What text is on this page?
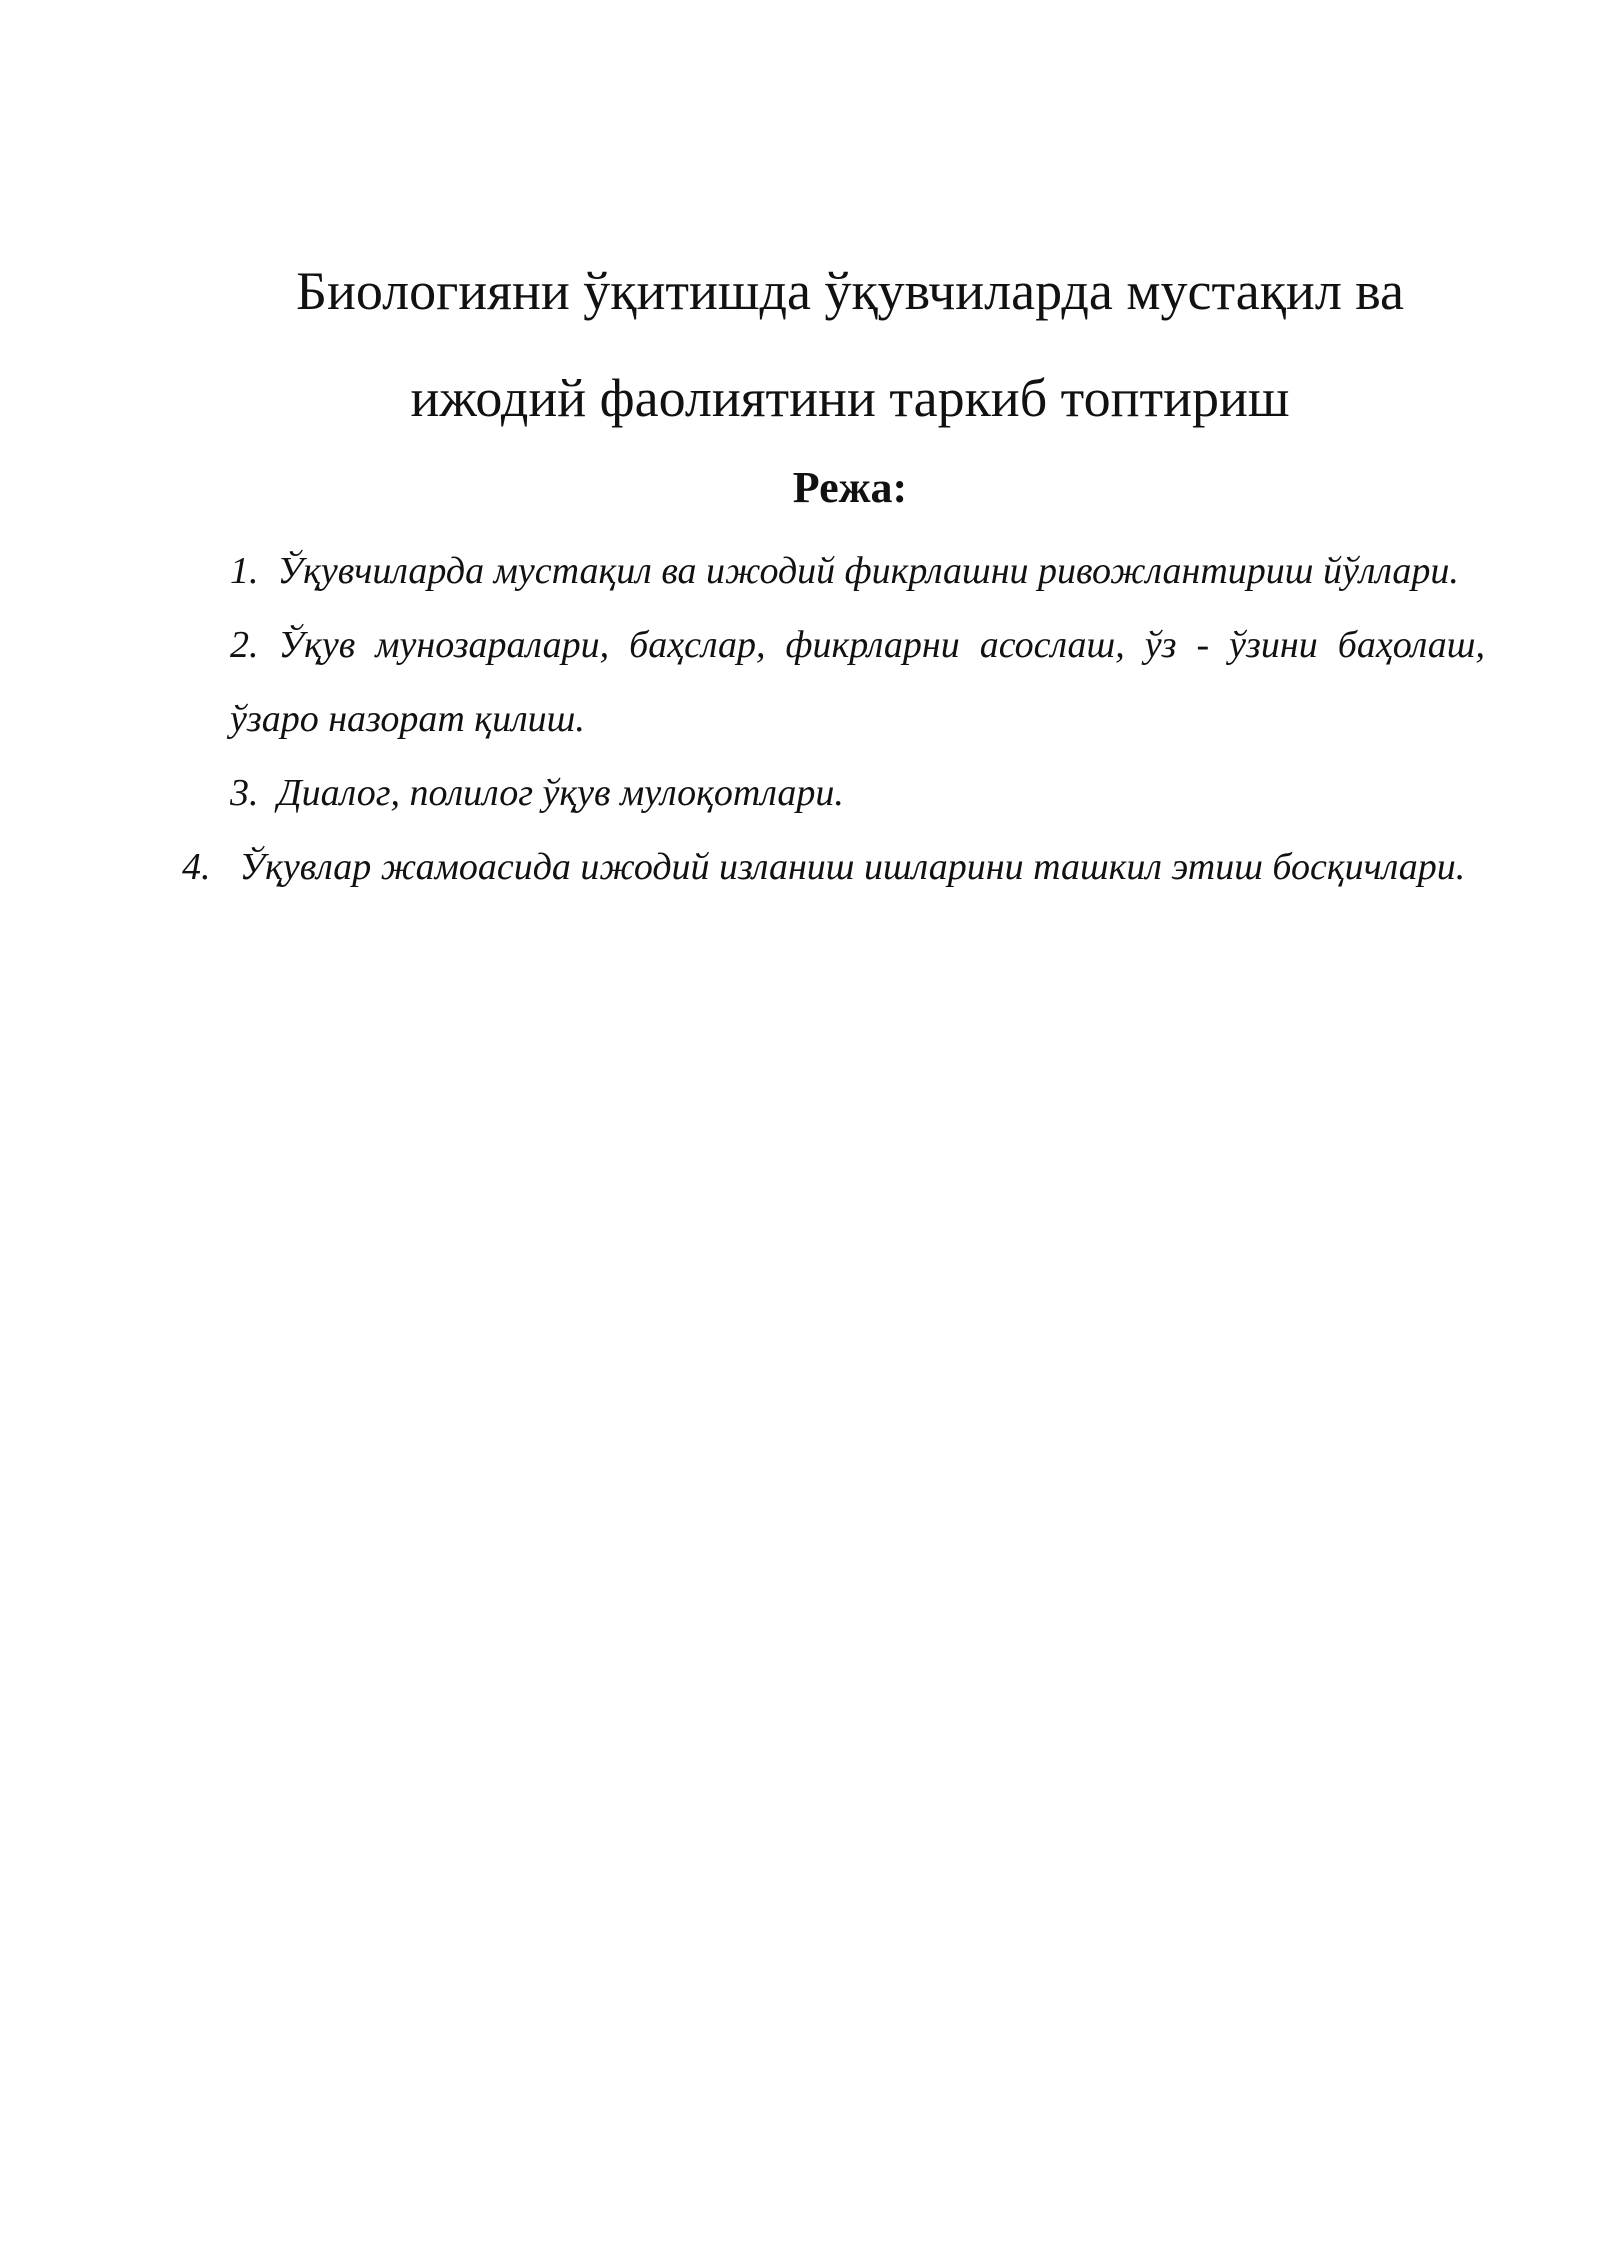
Биологияни ўқитишда ўқувчиларда мустақил ва
ижодий фаолиятини таркиб топтириш
Режа:
1. Ўқувчиларда мустақил ва ижодий фикрлашни ривожлантириш йўллари.
2. Ўқув мунозаралари, баҳслар, фикрларни асослаш, ўз - ўзини баҳолаш, ўзаро назорат қилиш.
3. Диалог, полилог ўқув мулоқотлари.
4. Ўқувлар жамоасида ижодий изланиш ишларини ташкил этиш босқичлари.
